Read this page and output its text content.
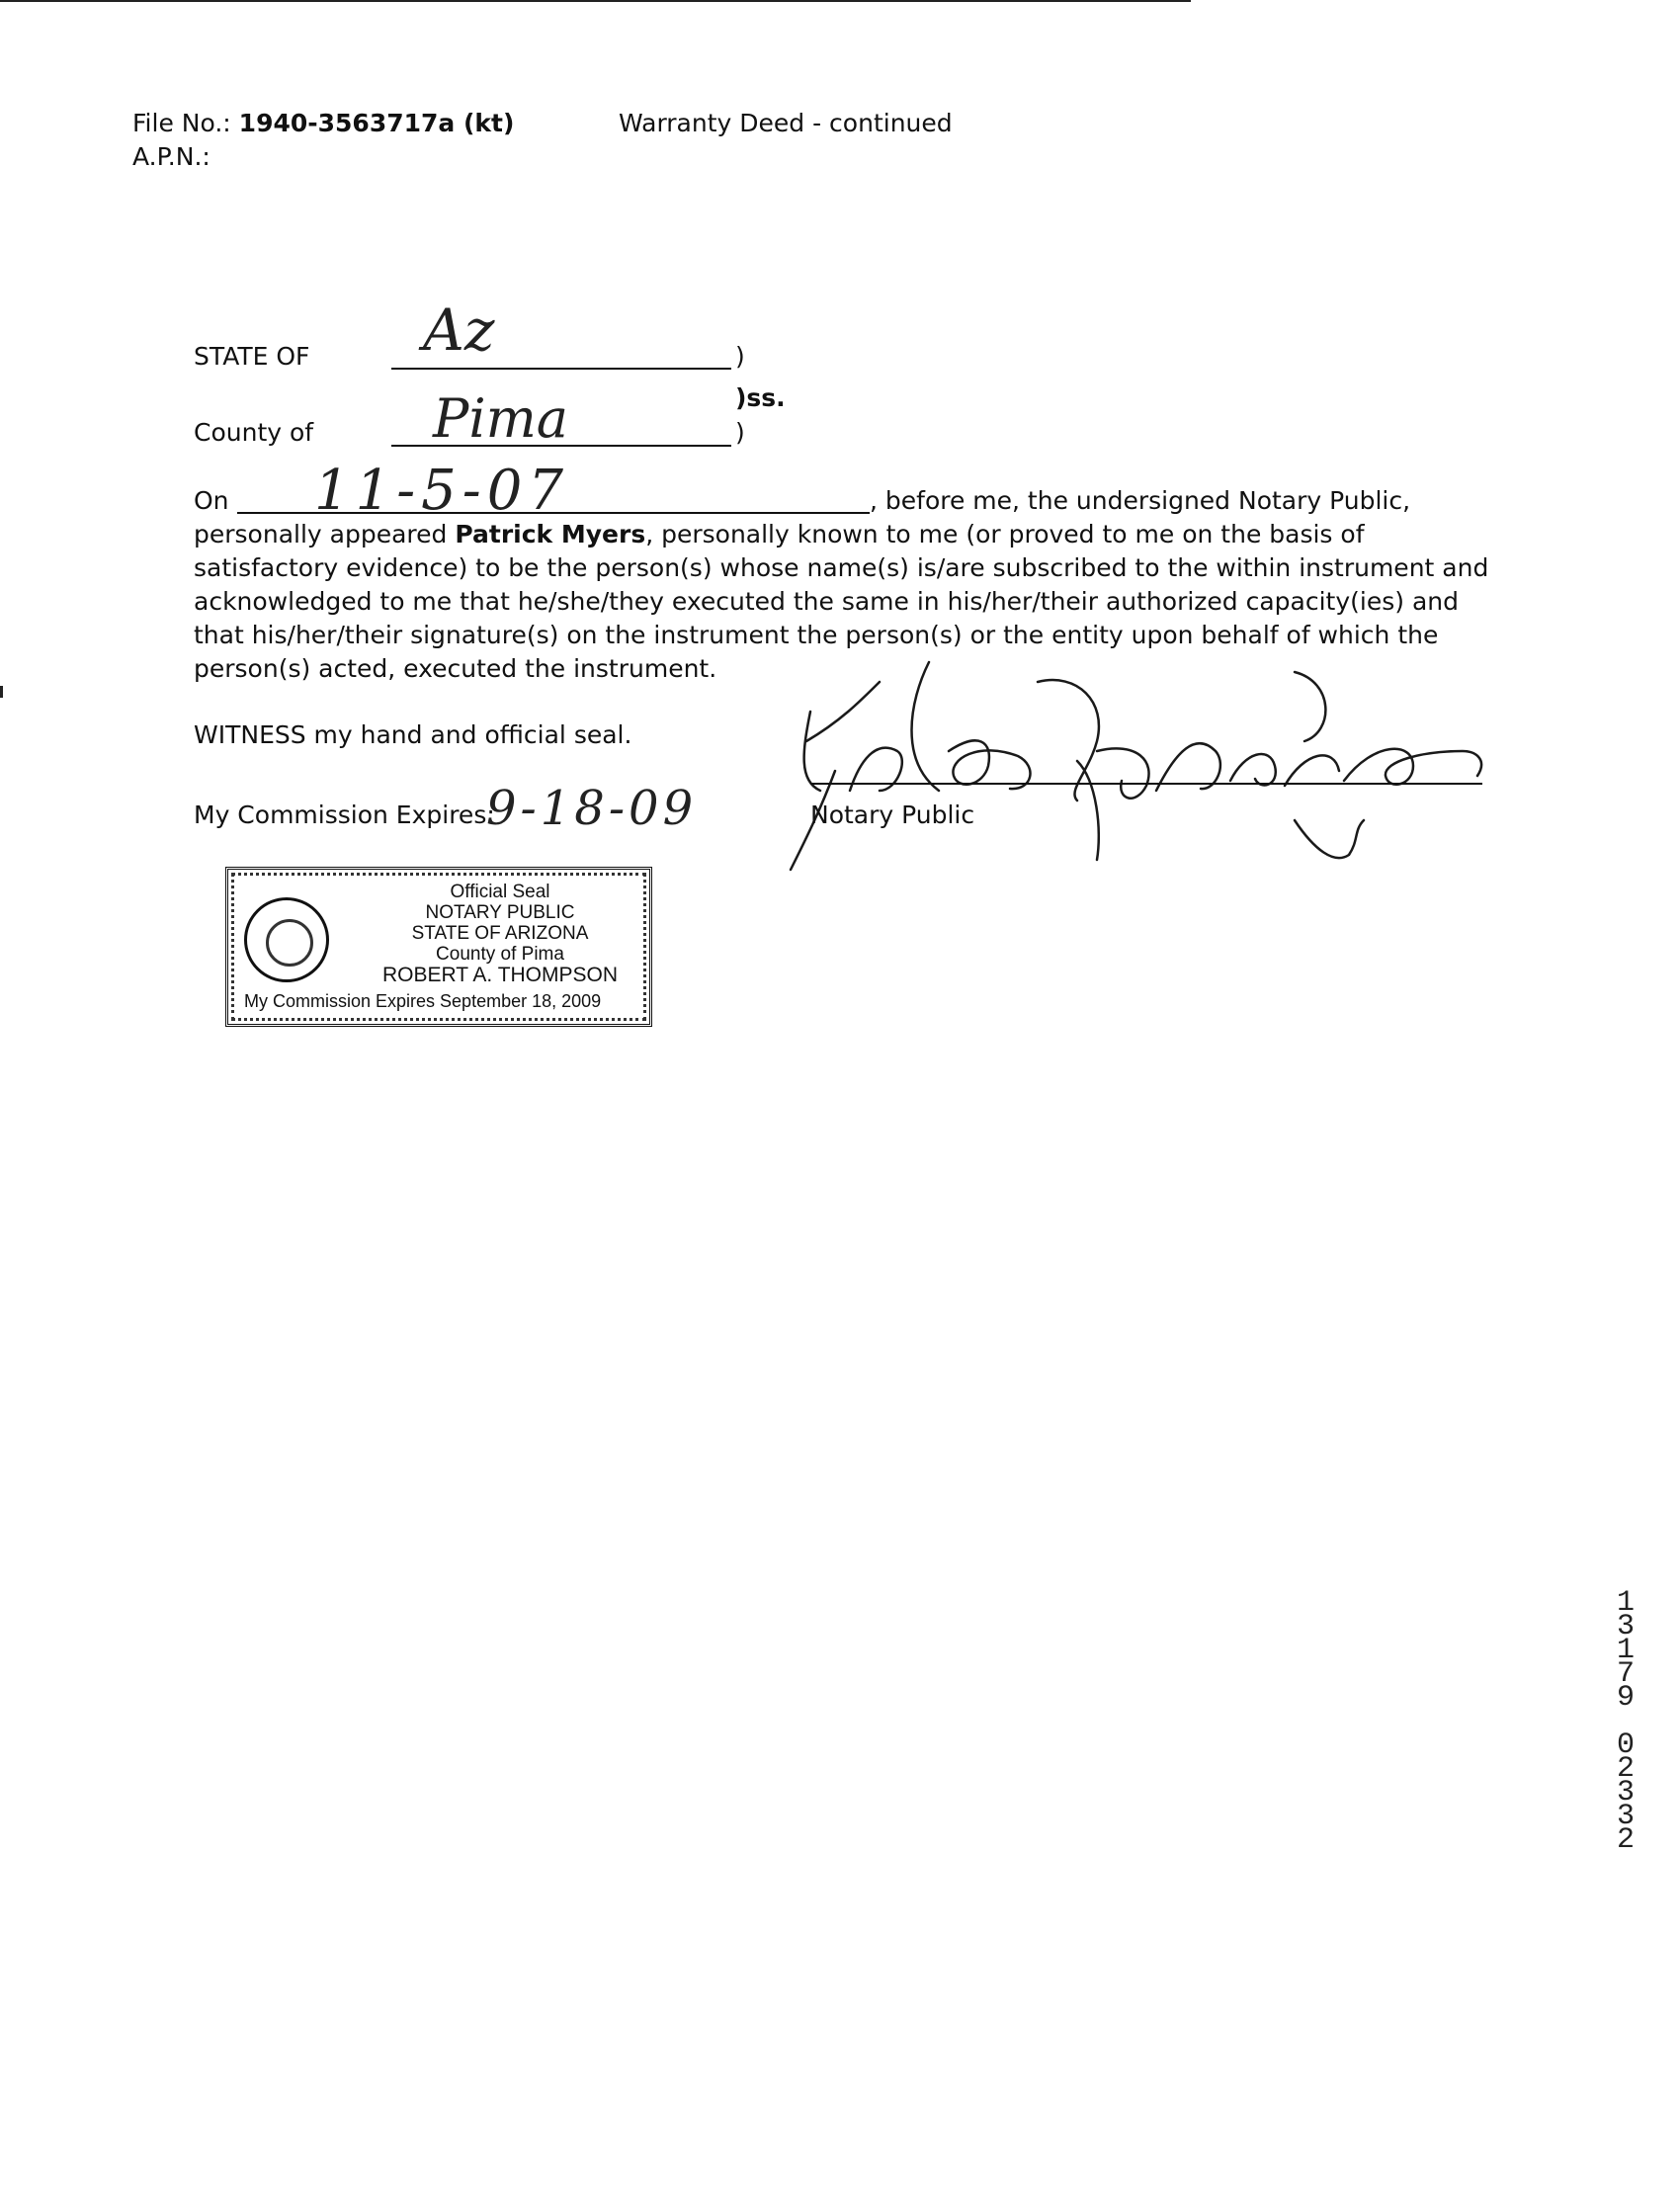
File No.: 1940-3563717a (kt)	Warranty Deed - continued
A.P.N.:
STATE OF Az	)
)ss.
County of Pima	)
On 11-5-07	, before me, the undersigned Notary Public,
personally appeared Patrick Myers, personally known to me (or proved to me on the basis of
satisfactory evidence) to be the person(s) whose name(s) is/are subscribed to the within instrument and
acknowledged to me that he/she/they executed the same in his/her/their authorized capacity(ies) and
that his/her/their signature(s) on the instrument the person(s) or the entity upon behalf of which the
person(s) acted, executed the instrument.
WITNESS my hand and official seal.
My Commission Expires:
9-18-09	Notary Public
Official Seal
NOTARY PUBLIC
STATE OF ARIZONA
County of Pima
ROBERT A. THOMPSON
My Commission Expires September 18, 2009
1
3
1
7
9
0
2
3
3
2
